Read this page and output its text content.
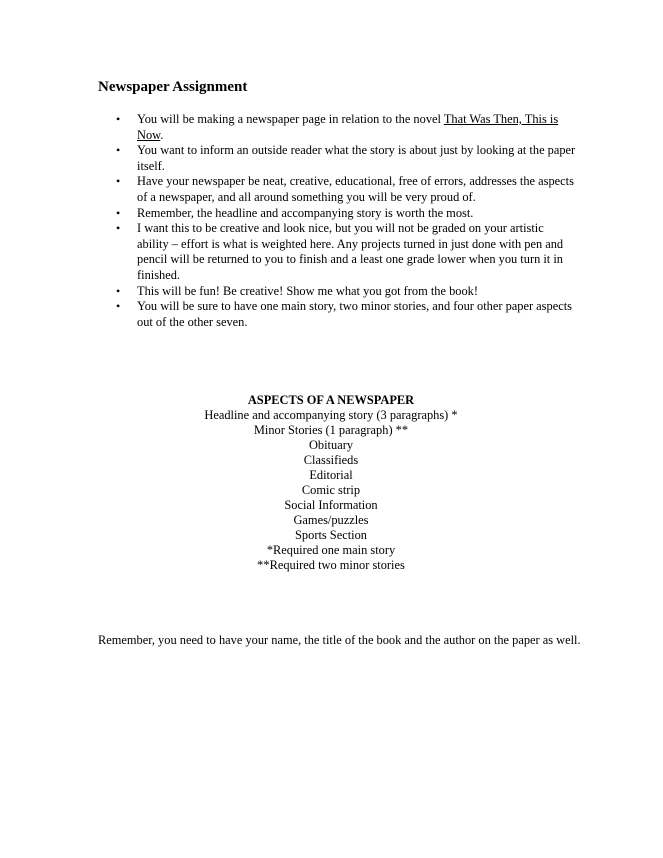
Newspaper Assignment
• You will be making a newspaper page in relation to the novel That Was Then, This is Now.
• You want to inform an outside reader what the story is about just by looking at the paper itself.
• Have your newspaper be neat, creative, educational, free of errors, addresses the aspects of a newspaper, and all around something you will be very proud of.
• Remember, the headline and accompanying story is worth the most.
• I want this to be creative and look nice, but you will not be graded on your artistic ability – effort is what is weighted here. Any projects turned in just done with pen and pencil will be returned to you to finish and a least one grade lower when you turn it in finished.
• This will be fun! Be creative! Show me what you got from the book!
• You will be sure to have one main story, two minor stories, and four other paper aspects out of the other seven.
ASPECTS OF A NEWSPAPER
Headline and accompanying story (3 paragraphs) *
Minor Stories (1 paragraph) **
Obituary
Classifieds
Editorial
Comic strip
Social Information
Games/puzzles
Sports Section
*Required one main story
**Required two minor stories

Remember, you need to have your name, the title of the book and the author on the paper as well.
